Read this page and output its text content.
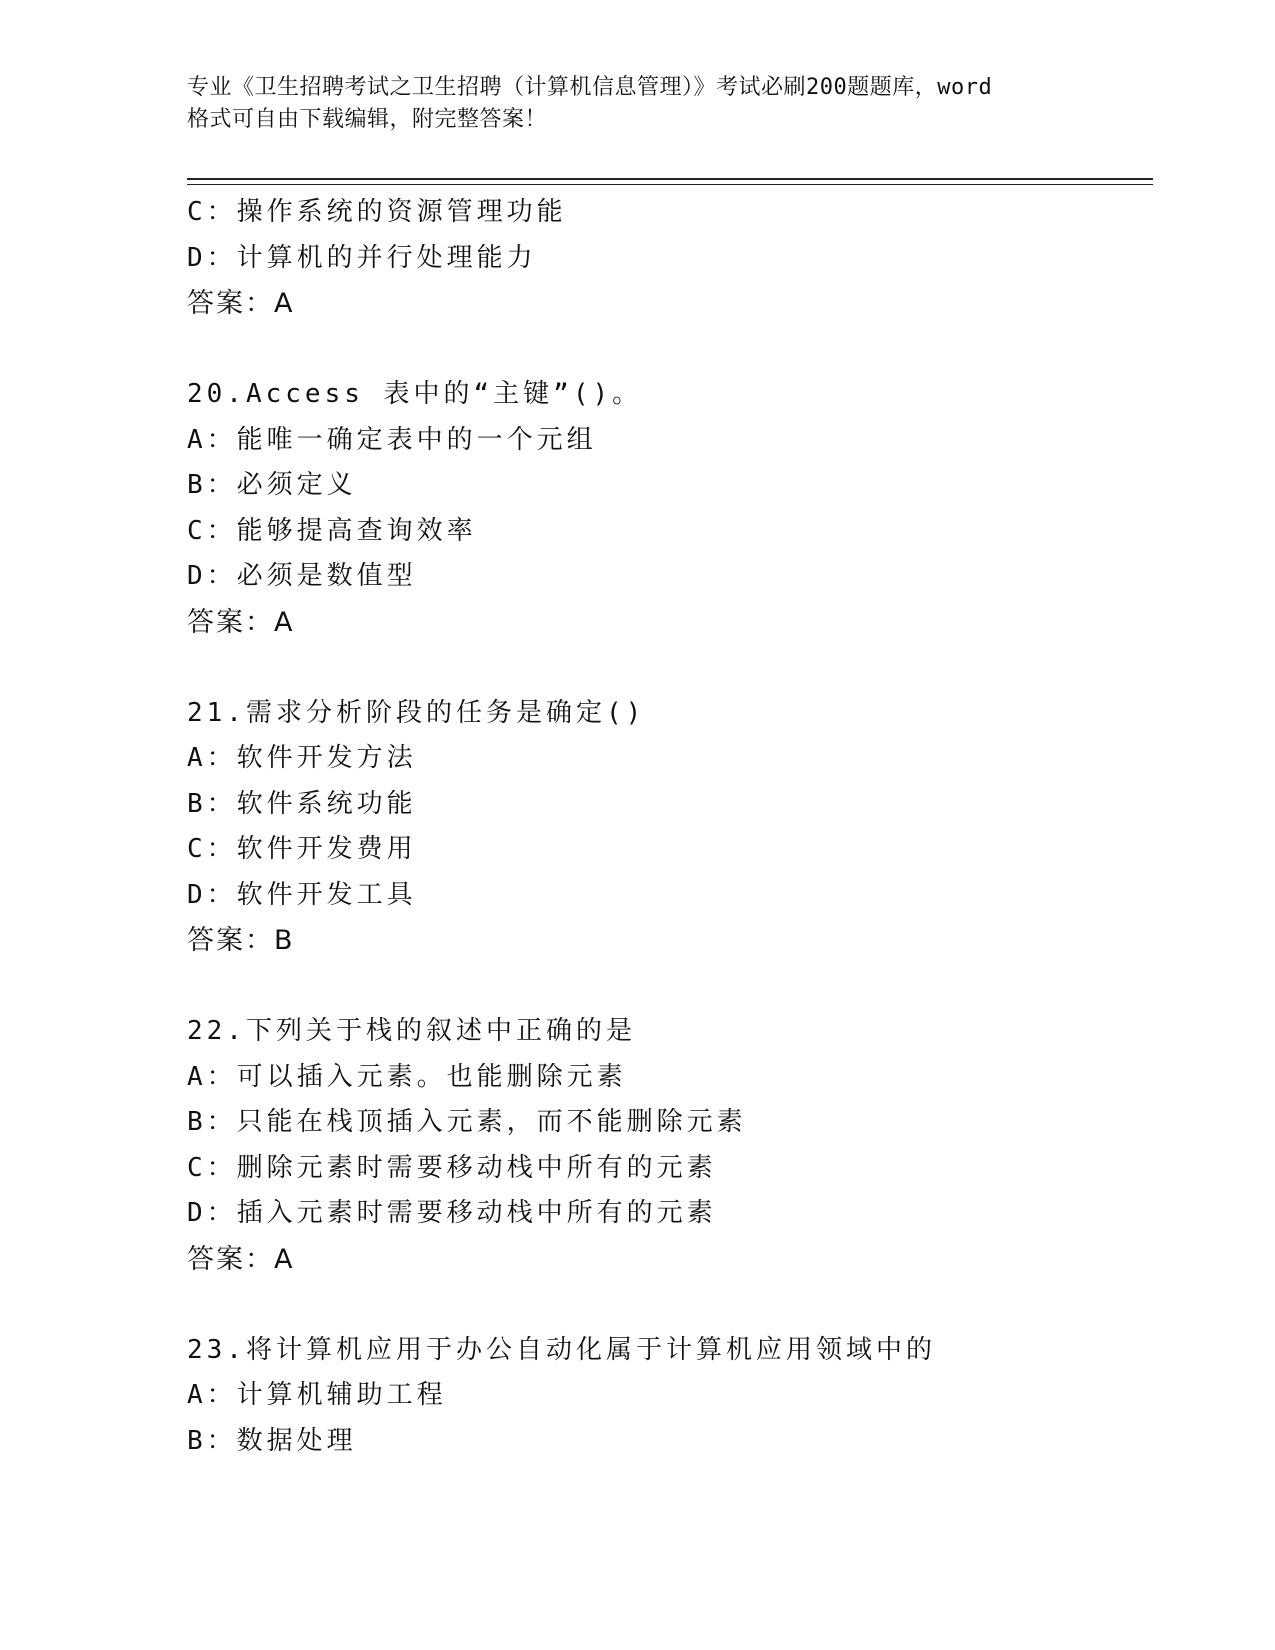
专业《卫生招聘考试之卫生招聘（计算机信息管理）》考试必刷200题题库，word
格式可自由下载编辑，附完整答案！
C：操作系统的资源管理功能
D：计算机的并行处理能力
答案：A
20.Access 表中的“主键”()。
A：能唯一确定表中的一个元组
B：必须定义
C：能够提高查询效率
D：必须是数值型
答案：A
21.需求分析阶段的任务是确定()
A：软件开发方法
B：软件系统功能
C：软件开发费用
D：软件开发工具
答案：B
22.下列关于栈的叙述中正确的是
A：可以插入元素。也能删除元素
B：只能在栈顶插入元素，而不能删除元素
C：删除元素时需要移动栈中所有的元素
D：插入元素时需要移动栈中所有的元素
答案：A
23.将计算机应用于办公自动化属于计算机应用领域中的
A：计算机辅助工程
B：数据处理
